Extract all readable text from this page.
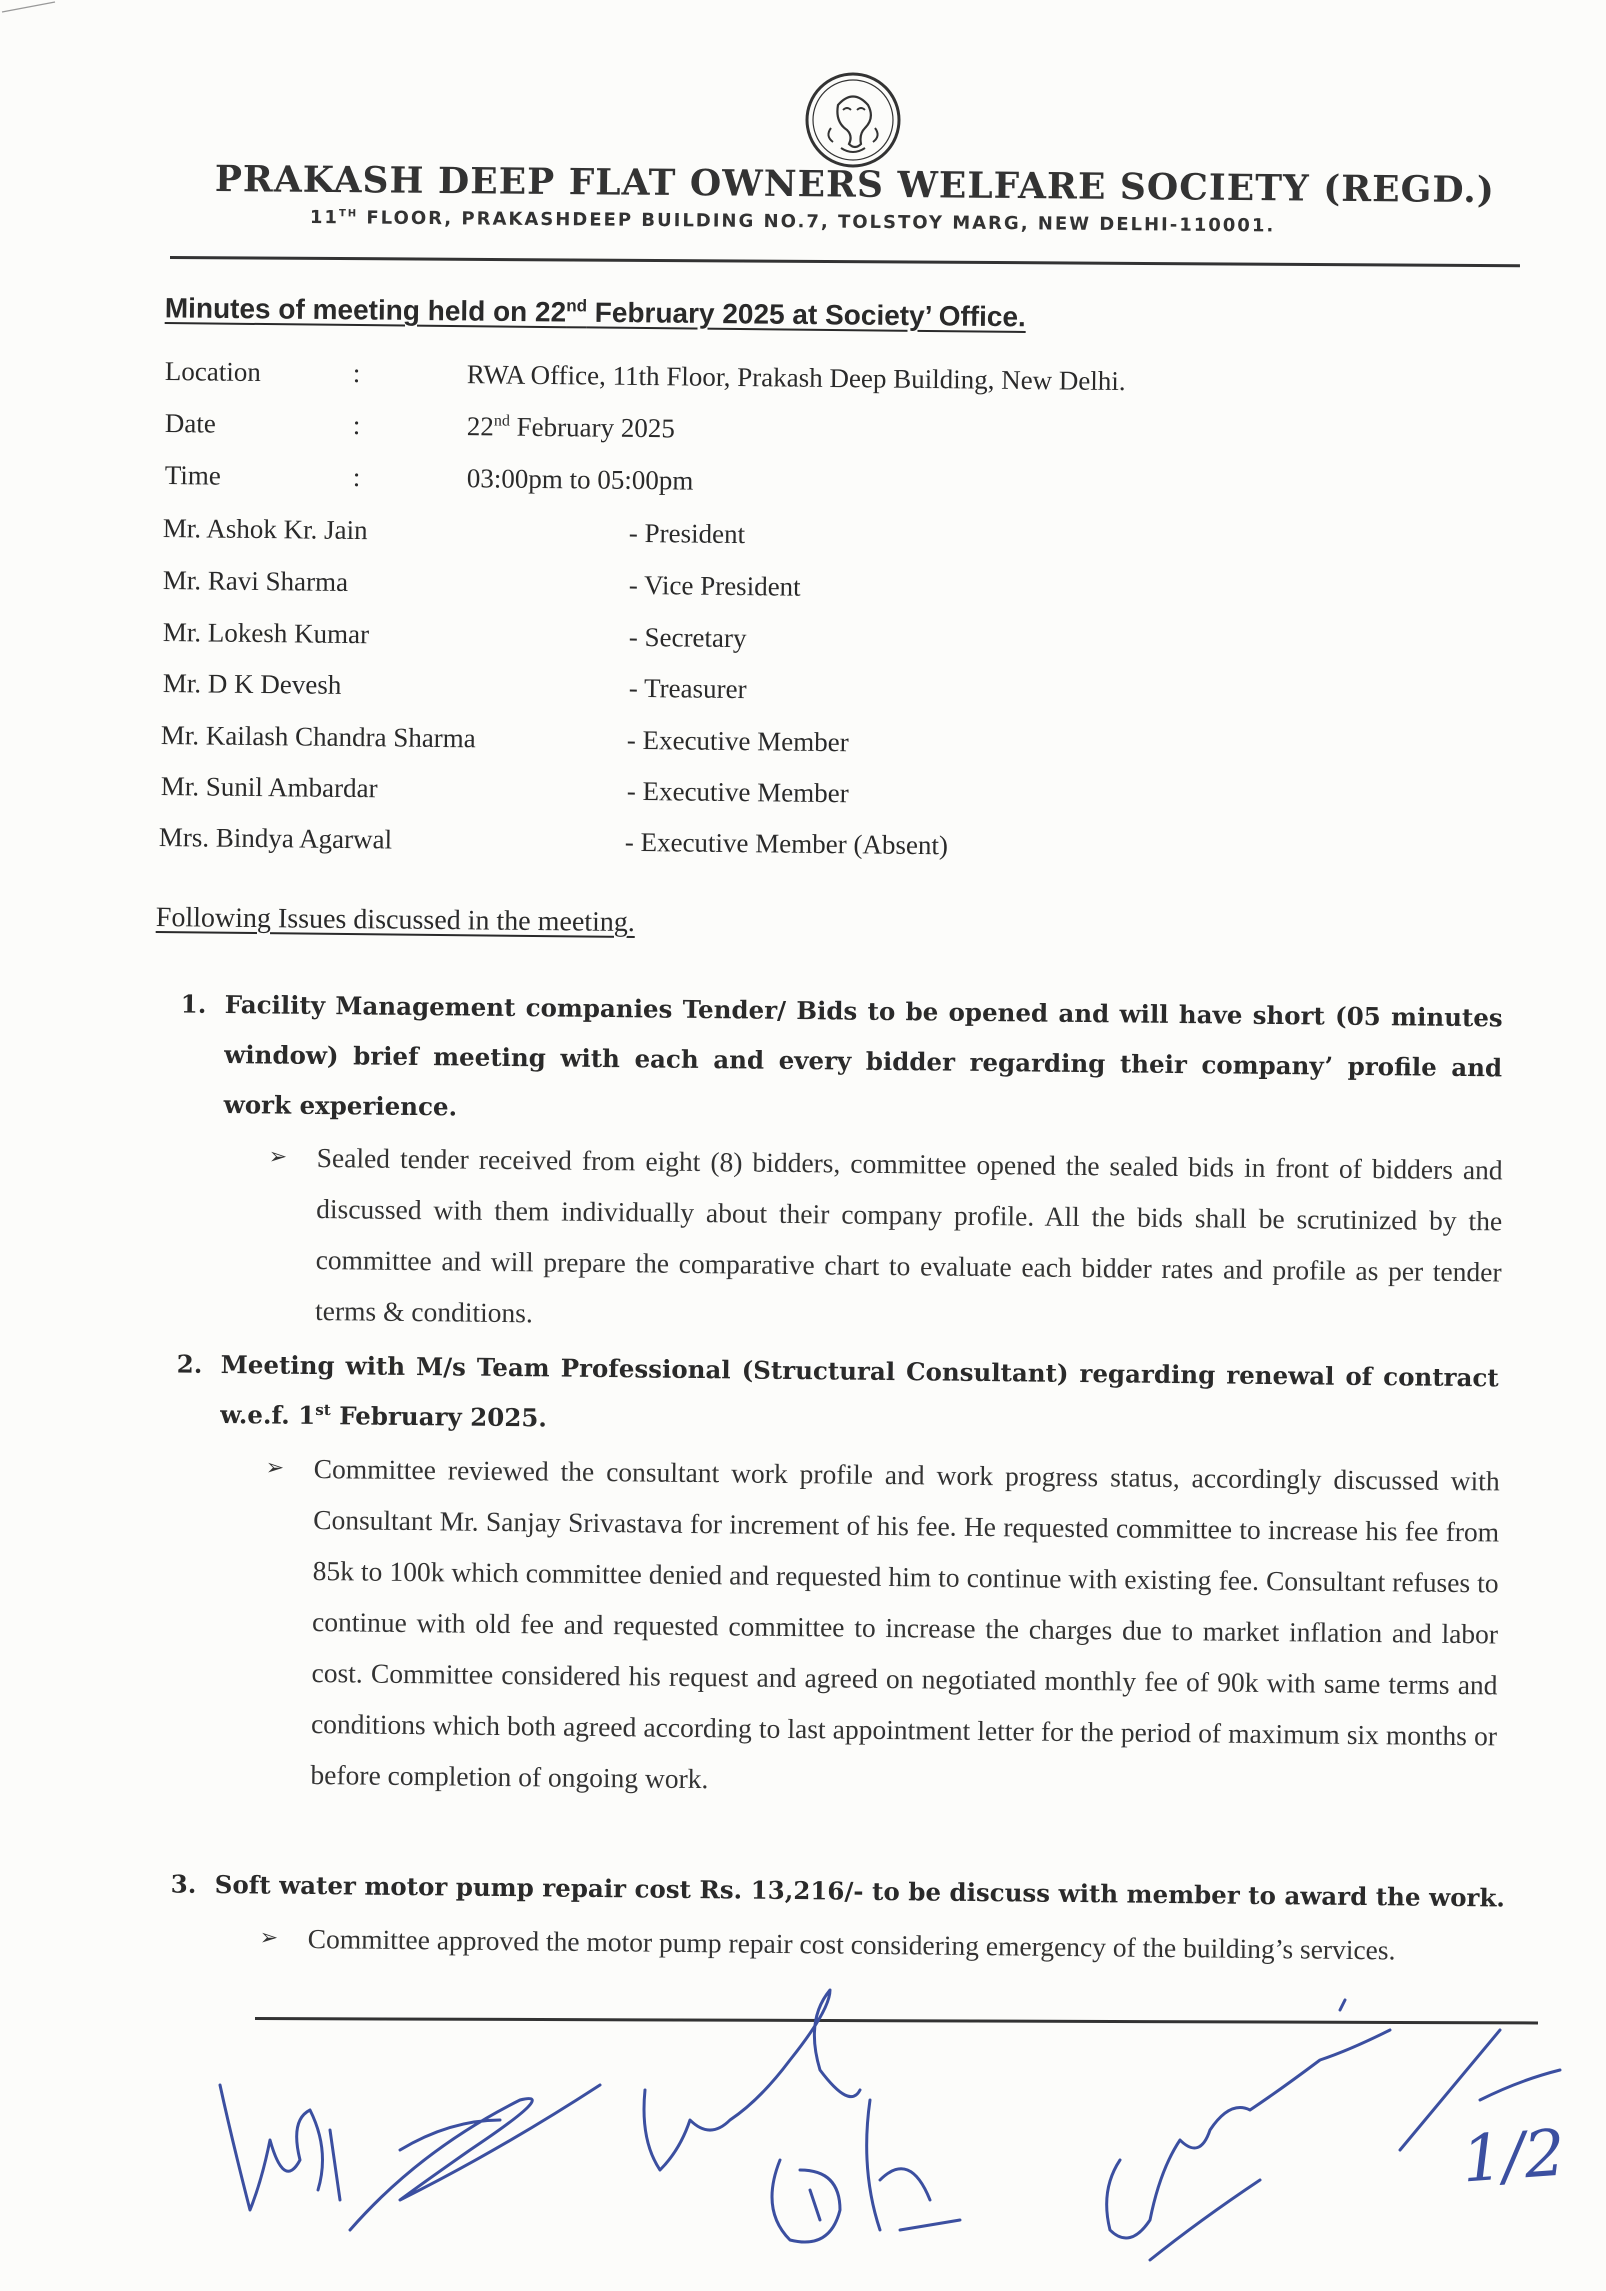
PRAKASH DEEP FLAT OWNERS WELFARE SOCIETY (REGD.)
11TH FLOOR, PRAKASHDEEP BUILDING NO.7, TOLSTOY MARG, NEW DELHI-110001.
Minutes of meeting held on 22nd February 2025 at Society’ Office.
Location	:	RWA Office, 11th Floor, Prakash Deep Building, New Delhi.
Date	:	22nd February 2025
Time	:	03:00pm to 05:00pm
Mr. Ashok Kr. Jain	- President
Mr. Ravi Sharma	- Vice President
Mr. Lokesh Kumar	- Secretary
Mr. D K Devesh	- Treasurer
Mr. Kailash Chandra Sharma	- Executive Member
Mr. Sunil Ambardar	- Executive Member
Mrs. Bindya Agarwal	- Executive Member (Absent)
Following Issues discussed in the meeting.
1. Facility Management companies Tender/ Bids to be opened and will have short (05 minutes window) brief meeting with each and every bidder regarding their company’ profile and work experience.
➢ Sealed tender received from eight (8) bidders, committee opened the sealed bids in front of bidders and discussed with them individually about their company profile. All the bids shall be scrutinized by the committee and will prepare the comparative chart to evaluate each bidder rates and profile as per tender terms & conditions.
2. Meeting with M/s Team Professional (Structural Consultant) regarding renewal of contract w.e.f. 1st February 2025.
➢ Committee reviewed the consultant work profile and work progress status, accordingly discussed with Consultant Mr. Sanjay Srivastava for increment of his fee. He requested committee to increase his fee from 85k to 100k which committee denied and requested him to continue with existing fee. Consultant refuses to continue with old fee and requested committee to increase the charges due to market inflation and labor cost. Committee considered his request and agreed on negotiated monthly fee of 90k with same terms and conditions which both agreed according to last appointment letter for the period of maximum six months or before completion of ongoing work.
3. Soft water motor pump repair cost Rs. 13,216/- to be discuss with member to award the work.
➢ Committee approved the motor pump repair cost considering emergency of the building’s services.
1/2
